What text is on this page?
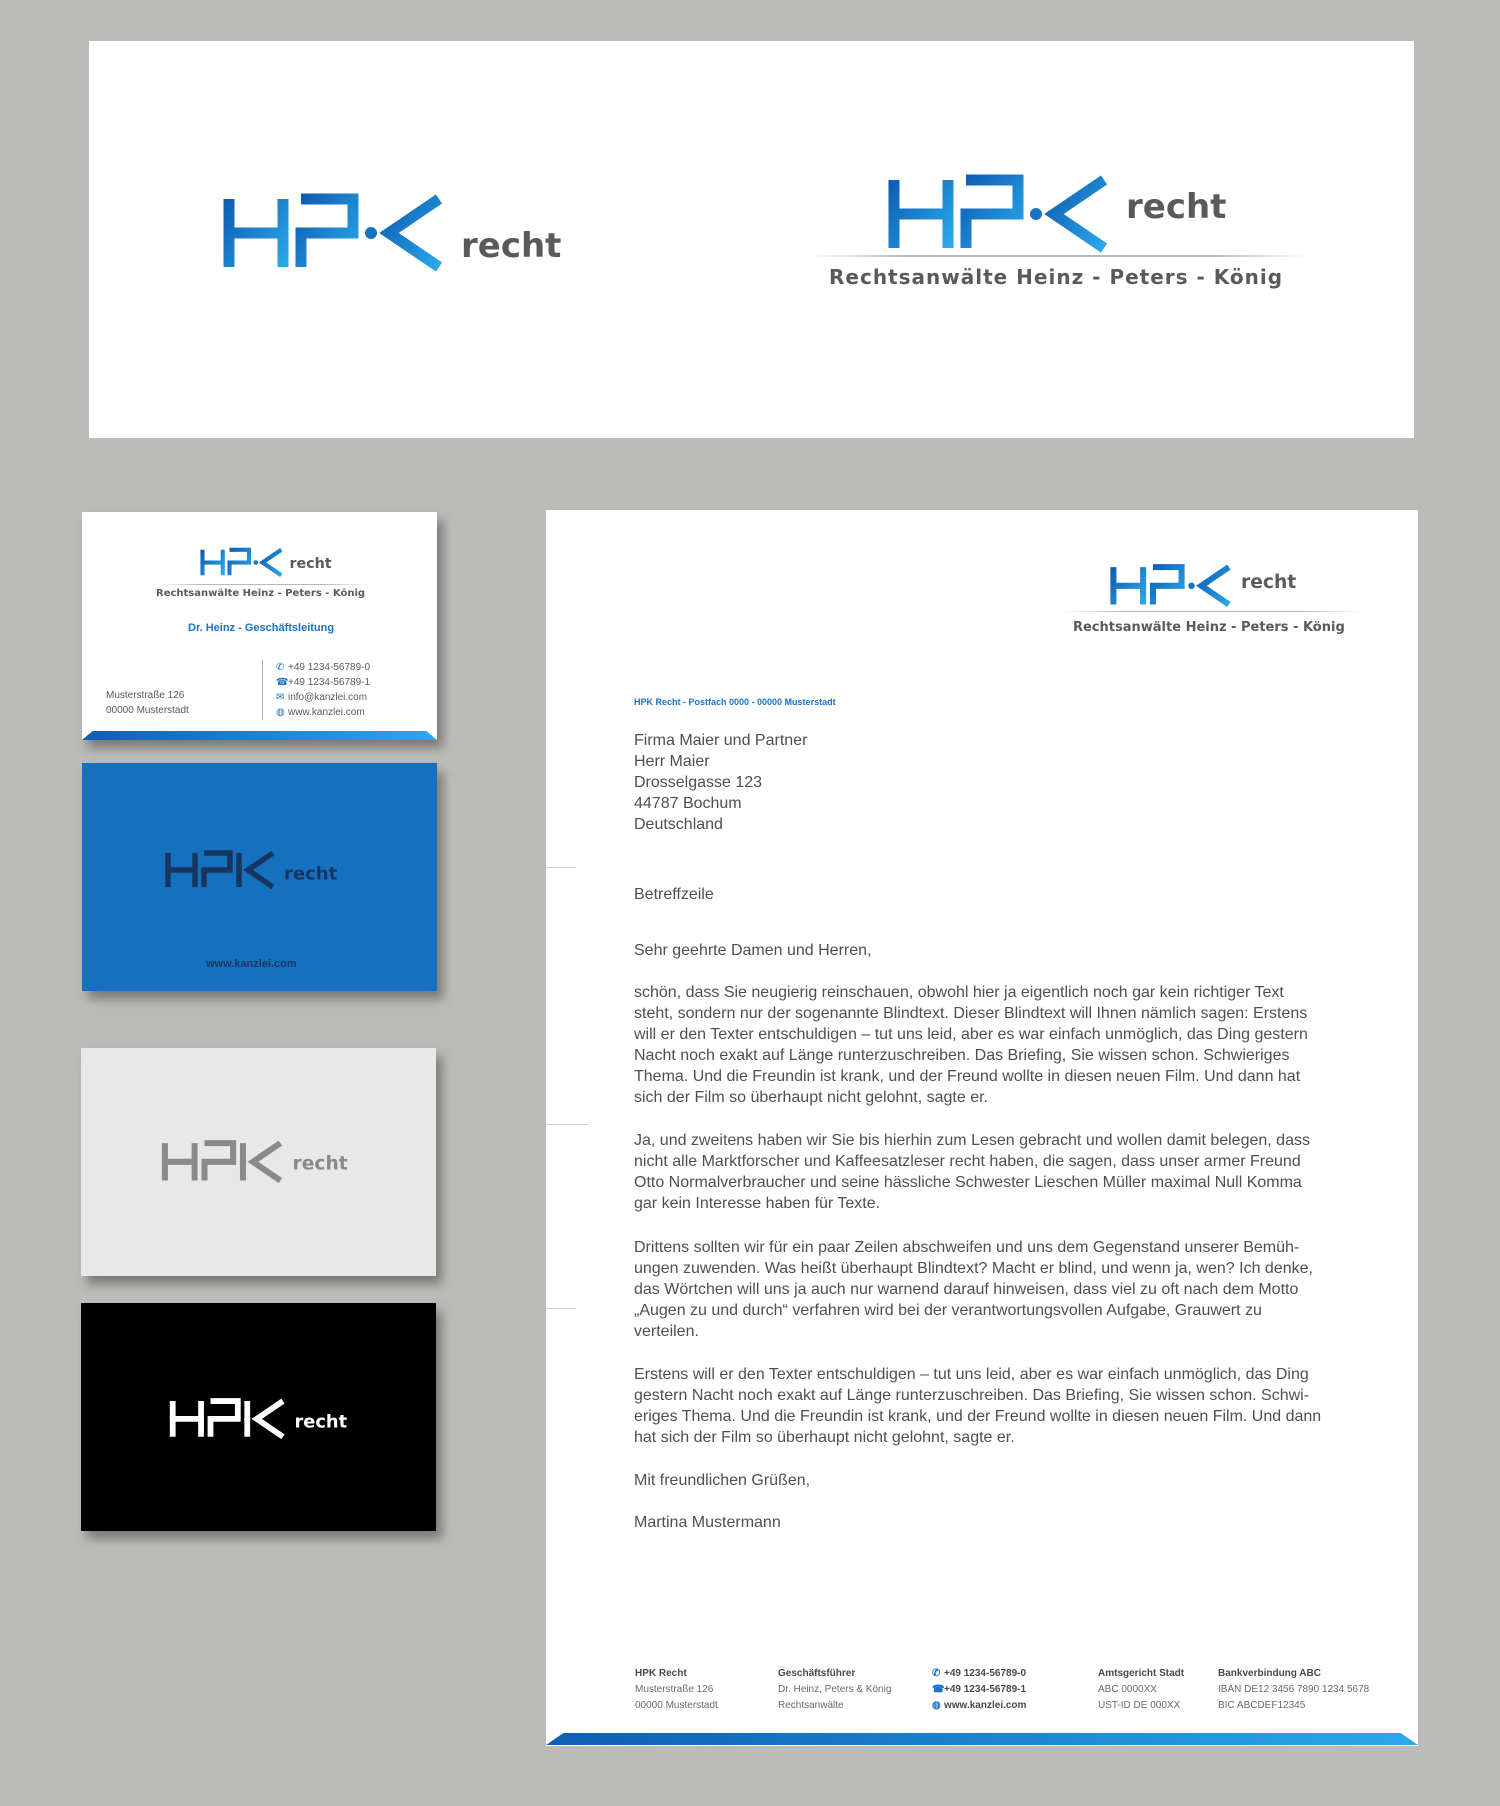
recht
recht
Rechtsanwälte Heinz - Peters - König
recht
Rechtsanwälte Heinz - Peters - König
Dr. Heinz - Geschäftsleitung
Musterstraße 126
00000 Musterstadt
✆ +49 1234-56789-0
☎+49 1234-56789-1
✉ info@kanzlei.com
◍ www.kanzlei.com
recht
www.kanzlei.com
recht
recht
recht
Rechtsanwälte Heinz - Peters - König
HPK Recht - Postfach 0000 - 00000 Musterstadt

Firma Maier und Partner

Herr Maier

Drosselgasse 123

44787 Bochum

Deutschland

Betreffzeile

Sehr geehrte Damen und Herren,

schön, dass Sie neugierig reinschauen, obwohl hier ja eigentlich noch gar kein richtiger Text
steht, sondern nur der sogenannte Blindtext. Dieser Blindtext will Ihnen nämlich sagen: Erstens
will er den Texter entschuldigen – tut uns leid, aber es war einfach unmöglich, das Ding gestern
Nacht noch exakt auf Länge runterzuschreiben. Das Briefing, Sie wissen schon. Schwieriges
Thema. Und die Freundin ist krank, und der Freund wollte in diesen neuen Film. Und dann hat
sich der Film so überhaupt nicht gelohnt, sagte er.

Ja, und zweitens haben wir Sie bis hierhin zum Lesen gebracht und wollen damit belegen, dass
nicht alle Marktforscher und Kaffeesatzleser recht haben, die sagen, dass unser armer Freund
Otto Normalverbraucher und seine hässliche Schwester Lieschen Müller maximal Null Komma
gar kein Interesse haben für Texte.

Drittens sollten wir für ein paar Zeilen abschweifen und uns dem Gegenstand unserer Bemüh-
ungen zuwenden. Was heißt überhaupt Blindtext? Macht er blind, und wenn ja, wen? Ich denke,
das Wörtchen will uns ja auch nur warnend darauf hinweisen, dass viel zu oft nach dem Motto
„Augen zu und durch“ verfahren wird bei der verantwortungsvollen Aufgabe, Grauwert zu
verteilen.

Erstens will er den Texter entschuldigen – tut uns leid, aber es war einfach unmöglich, das Ding
gestern Nacht noch exakt auf Länge runterzuschreiben. Das Briefing, Sie wissen schon. Schwi-
eriges Thema. Und die Freundin ist krank, und der Freund wollte in diesen neuen Film. Und dann
hat sich der Film so überhaupt nicht gelohnt, sagte er.

Mit freundlichen Grüßen,

Martina Mustermann

HPK Recht
Musterstraße 126
00000 Musterstadt
Geschäftsführer
Dr. Heinz, Peters & König
Rechtsanwälte
✆ +49 1234-56789-0
☎+49 1234-56789-1
◍ www.kanzlei.com
Amtsgericht Stadt
ABC 0000XX
UST-ID DE 000XX
Bankverbindung ABC
IBAN DE12 3456 7890 1234 5678
BIC ABCDEF12345
